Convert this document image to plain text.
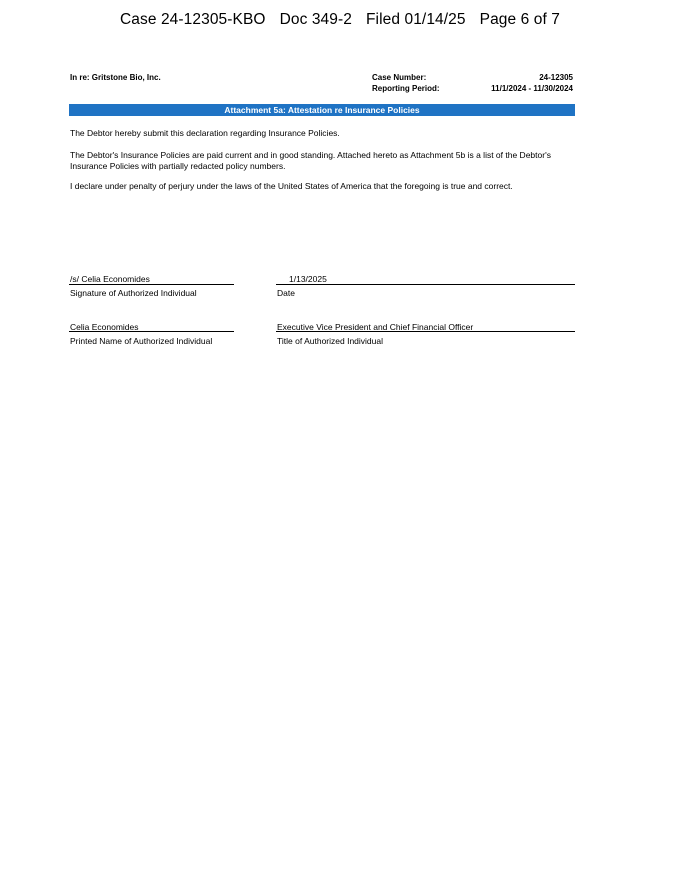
Case 24-12305-KBO Doc 349-2 Filed 01/14/25 Page 6 of 7
In re: Gritstone Bio, Inc.	Case Number:	24-12305
Reporting Period:	11/1/2024 - 11/30/2024
Attachment 5a: Attestation re Insurance Policies
The Debtor hereby submit this declaration regarding Insurance Policies.
The Debtor's Insurance Policies are paid current and in good standing. Attached hereto as Attachment 5b is a list of the Debtor's Insurance Policies with partially redacted policy numbers.
I declare under penalty of perjury under the laws of the United States of America that the foregoing is true and correct.
/s/ Celia Economides
Signature of Authorized Individual
1/13/2025
Date
Celia Economides
Printed Name of Authorized Individual
Executive Vice President and Chief Financial Officer
Title of Authorized Individual
